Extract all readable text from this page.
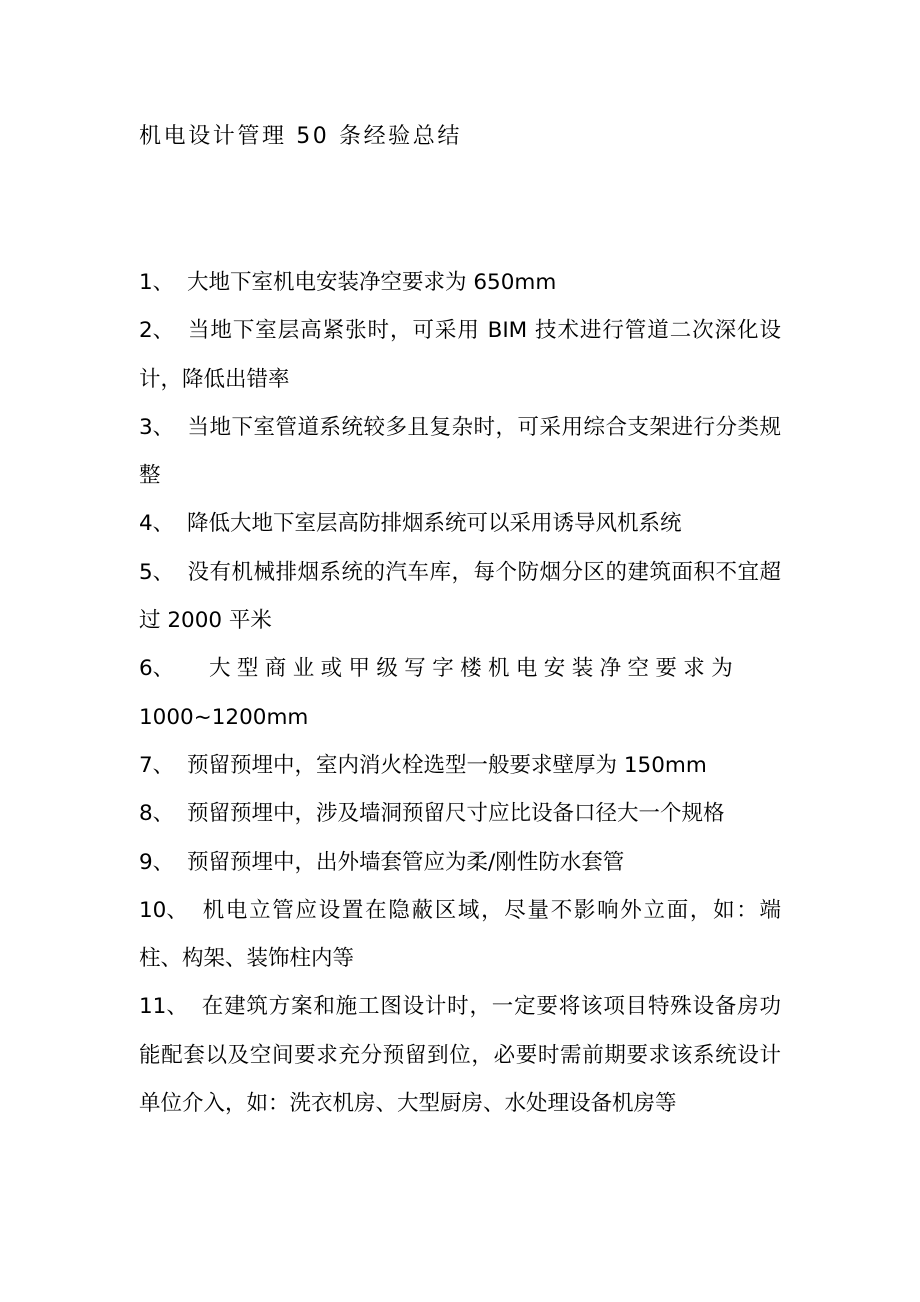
机电设计管理 50 条经验总结
1、 大地下室机电安装净空要求为 650mm
2、 当地下室层高紧张时，可采用 BIM 技术进行管道二次深化设计，降低出错率
3、 当地下室管道系统较多且复杂时，可采用综合支架进行分类规整
4、 降低大地下室层高防排烟系统可以采用诱导风机系统
5、 没有机械排烟系统的汽车库，每个防烟分区的建筑面积不宜超过 2000 平米
6、 大型商业或甲级写字楼机电安装净空要求为
1000~1200mm
7、 预留预埋中，室内消火栓选型一般要求壁厚为 150mm
8、 预留预埋中，涉及墙洞预留尺寸应比设备口径大一个规格
9、 预留预埋中，出外墙套管应为柔/刚性防水套管
10、 机电立管应设置在隐蔽区域，尽量不影响外立面，如：端柱、构架、装饰柱内等
11、 在建筑方案和施工图设计时，一定要将该项目特殊设备房功能配套以及空间要求充分预留到位，必要时需前期要求该系统设计单位介入，如：洗衣机房、大型厨房、水处理设备机房等
